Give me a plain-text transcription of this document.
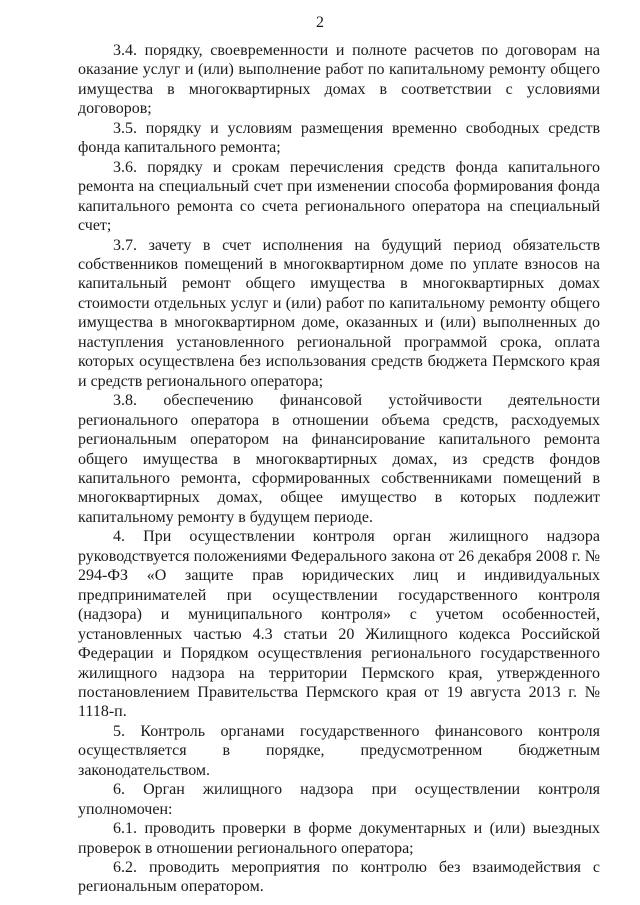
2

3.4. порядку, своевременности и полноте расчетов по договорам на оказание услуг и (или) выполнение работ по капитальному ремонту общего имущества в многоквартирных домах в соответствии с условиями договоров;

3.5. порядку и условиям размещения временно свободных средств фонда капитального ремонта;

3.6. порядку и срокам перечисления средств фонда капитального ремонта на специальный счет при изменении способа формирования фонда капитального ремонта со счета регионального оператора на специальный счет;

3.7. зачету в счет исполнения на будущий период обязательств собственников помещений в многоквартирном доме по уплате взносов на капитальный ремонт общего имущества в многоквартирных домах стоимости отдельных услуг и (или) работ по капитальному ремонту общего имущества в многоквартирном доме, оказанных и (или) выполненных до наступления установленного региональной программой срока, оплата которых осуществлена без использования средств бюджета Пермского края и средств регионального оператора;

3.8. обеспечению финансовой устойчивости деятельности регионального оператора в отношении объема средств, расходуемых региональным оператором на финансирование капитального ремонта общего имущества в многоквартирных домах, из средств фондов капитального ремонта, сформированных собственниками помещений в многоквартирных домах, общее имущество в которых подлежит капитальному ремонту в будущем периоде.

4. При осуществлении контроля орган жилищного надзора руководствуется положениями Федерального закона от 26 декабря 2008 г. № 294-ФЗ «О защите прав юридических лиц и индивидуальных предпринимателей при осуществлении государственного контроля (надзора) и муниципального контроля» с учетом особенностей, установленных частью 4.3 статьи 20 Жилищного кодекса Российской Федерации и Порядком осуществления регионального государственного жилищного надзора на территории Пермского края, утвержденного постановлением Правительства Пермского края от 19 августа 2013 г. № 1118-п.

5. Контроль органами государственного финансового контроля осуществляется в порядке, предусмотренном бюджетным законодательством.

6. Орган жилищного надзора при осуществлении контроля уполномочен:

6.1. проводить проверки в форме документарных и (или) выездных проверок в отношении регионального оператора;

6.2. проводить мероприятия по контролю без взаимодействия с региональным оператором.
